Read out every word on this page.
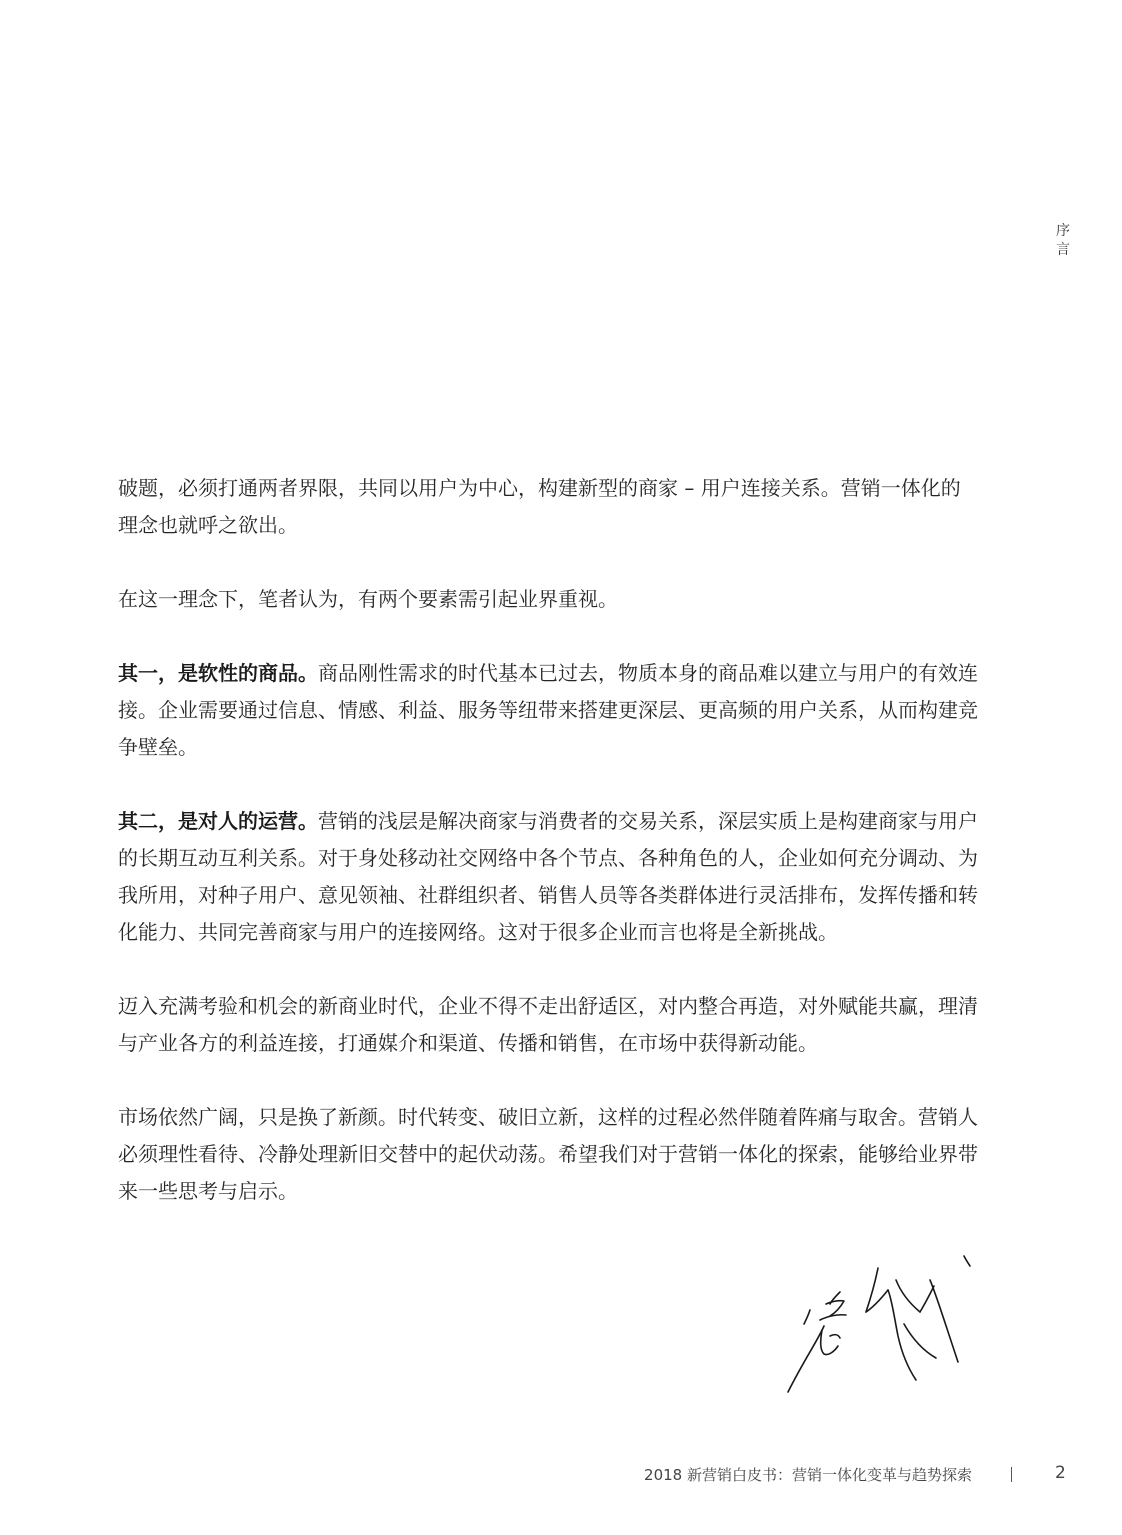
序
言

破题，必须打通两者界限，共同以用户为中心，构建新型的商家 – 用户连接关系。营销一体化的理念也就呼之欲出。

在这一理念下，笔者认为，有两个要素需引起业界重视。

其一，是软性的商品。商品刚性需求的时代基本已过去，物质本身的商品难以建立与用户的有效连接。企业需要通过信息、情感、利益、服务等纽带来搭建更深层、更高频的用户关系，从而构建竞争壁垒。

其二，是对人的运营。营销的浅层是解决商家与消费者的交易关系，深层实质上是构建商家与用户的长期互动互利关系。对于身处移动社交网络中各个节点、各种角色的人，企业如何充分调动、为我所用，对种子用户、意见领袖、社群组织者、销售人员等各类群体进行灵活排布，发挥传播和转化能力、共同完善商家与用户的连接网络。这对于很多企业而言也将是全新挑战。

迈入充满考验和机会的新商业时代，企业不得不走出舒适区，对内整合再造，对外赋能共赢，理清与产业各方的利益连接，打通媒介和渠道、传播和销售，在市场中获得新动能。

市场依然广阔，只是换了新颜。时代转变、破旧立新，这样的过程必然伴随着阵痛与取舍。营销人必须理性看待、冷静处理新旧交替中的起伏动荡。希望我们对于营销一体化的探索，能够给业界带来一些思考与启示。

2018 新营销白皮书：营销一体化变革与趋势探索	2
